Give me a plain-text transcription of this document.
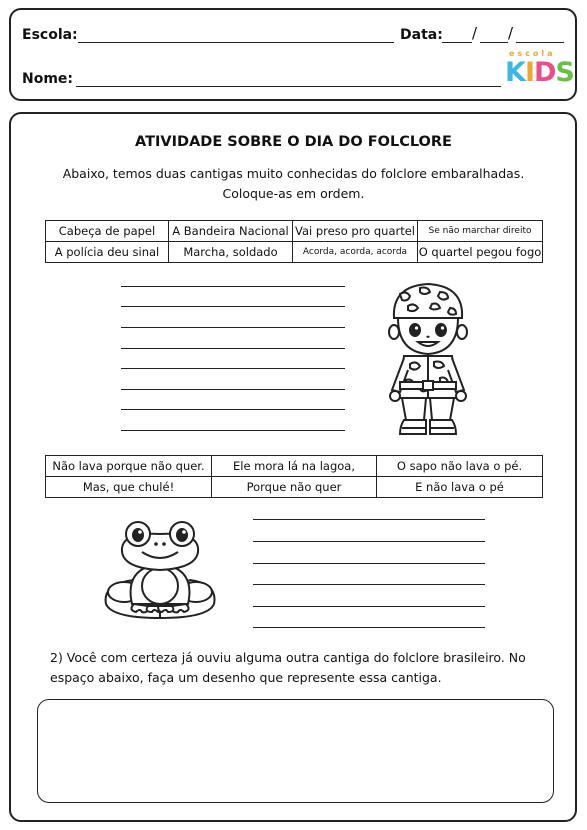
Escola:	Data: / /
Nome:
escola
KIDS
ATIVIDADE SOBRE O DIA DO FOLCLORE
Abaixo, temos duas cantigas muito conhecidas do folclore embaralhadas.
Coloque-as em ordem.
Cabeça de papel	A Bandeira Nacional	Vai preso pro quartel	Se não marchar direito
A polícia deu sinal	Marcha, soldado	Acorda, acorda, acorda	O quartel pegou fogo
Não lava porque não quer.	Ele mora lá na lagoa,	O sapo não lava o pé.
Mas, que chulé!	Porque não quer	E não lava o pé
2) Você com certeza já ouviu alguma outra cantiga do folclore brasileiro. No espaço abaixo, faça um desenho que represente essa cantiga.
